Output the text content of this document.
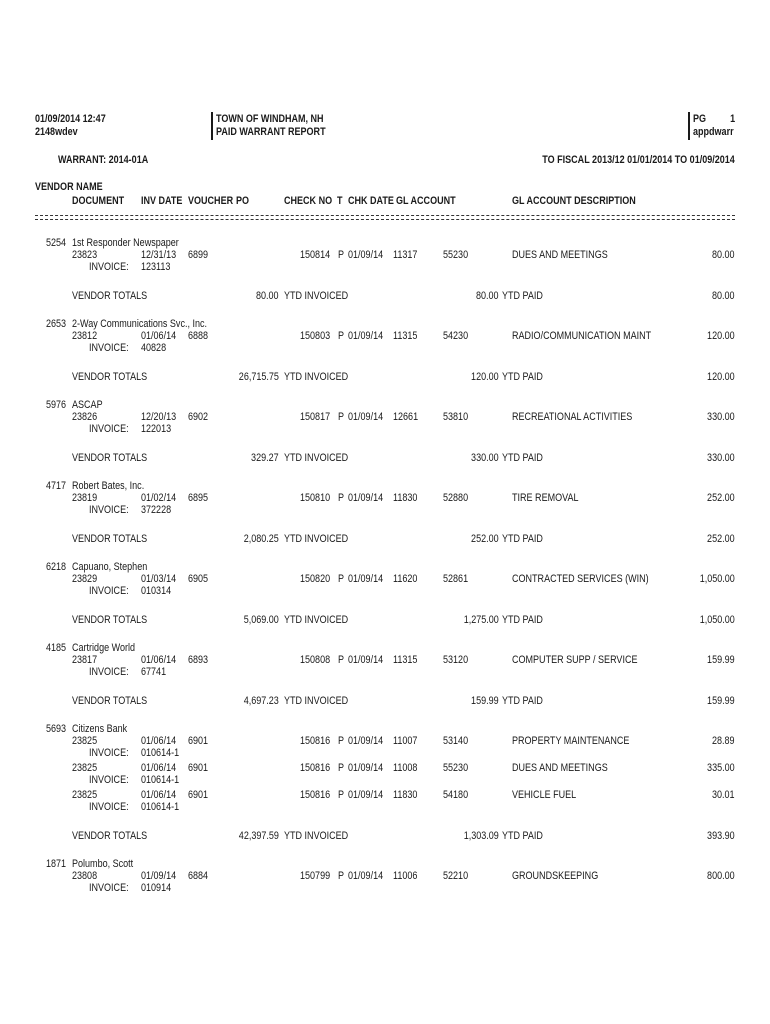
01/09/2014 12:47
2148wdev
TOWN OF WINDHAM, NH
PAID WARRANT REPORT
PG 1
appdwarr
WARRANT: 2014-01A	TO FISCAL 2013/12 01/01/2014 TO 01/09/2014
VENDOR NAME
DOCUMENT INV DATE VOUCHER PO	CHECK NO T CHK DATE GL ACCOUNT	GL ACCOUNT DESCRIPTION
5254 1st Responder Newspaper
23823	12/31/13 6899	150814 P 01/09/14 11317 55230	DUES AND MEETINGS	80.00
INVOICE: 123113
VENDOR TOTALS	80.00 YTD INVOICED	80.00 YTD PAID	80.00
2653 2-Way Communications Svc., Inc.
23812	01/06/14 6888	150803 P 01/09/14 11315 54230	RADIO/COMMUNICATION MAINT	120.00
INVOICE: 40828
VENDOR TOTALS	26,715.75 YTD INVOICED	120.00 YTD PAID	120.00
5976 ASCAP
23826	12/20/13 6902	150817 P 01/09/14 12661 53810	RECREATIONAL ACTIVITIES	330.00
INVOICE: 122013
VENDOR TOTALS	329.27 YTD INVOICED	330.00 YTD PAID	330.00
4717 Robert Bates, Inc.
23819	01/02/14 6895	150810 P 01/09/14 11830 52880	TIRE REMOVAL	252.00
INVOICE: 372228
VENDOR TOTALS	2,080.25 YTD INVOICED	252.00 YTD PAID	252.00
6218 Capuano, Stephen
23829	01/03/14 6905	150820 P 01/09/14 11620 52861	CONTRACTED SERVICES (WIN)	1,050.00
INVOICE: 010314
VENDOR TOTALS	5,069.00 YTD INVOICED	1,275.00 YTD PAID	1,050.00
4185 Cartridge World
23817	01/06/14 6893	150808 P 01/09/14 11315 53120	COMPUTER SUPP / SERVICE	159.99
INVOICE: 67741
VENDOR TOTALS	4,697.23 YTD INVOICED	159.99 YTD PAID	159.99
5693 Citizens Bank
23825	01/06/14 6901	150816 P 01/09/14 11007 53140	PROPERTY MAINTENANCE	28.89
INVOICE: 010614-1
23825	01/06/14 6901	150816 P 01/09/14 11008 55230	DUES AND MEETINGS	335.00
INVOICE: 010614-1
23825	01/06/14 6901	150816 P 01/09/14 11830 54180	VEHICLE FUEL	30.01
INVOICE: 010614-1
VENDOR TOTALS	42,397.59 YTD INVOICED	1,303.09 YTD PAID	393.90
1871 Polumbo, Scott
23808	01/09/14 6884	150799 P 01/09/14 11006 52210	GROUNDSKEEPING	800.00
INVOICE: 010914
